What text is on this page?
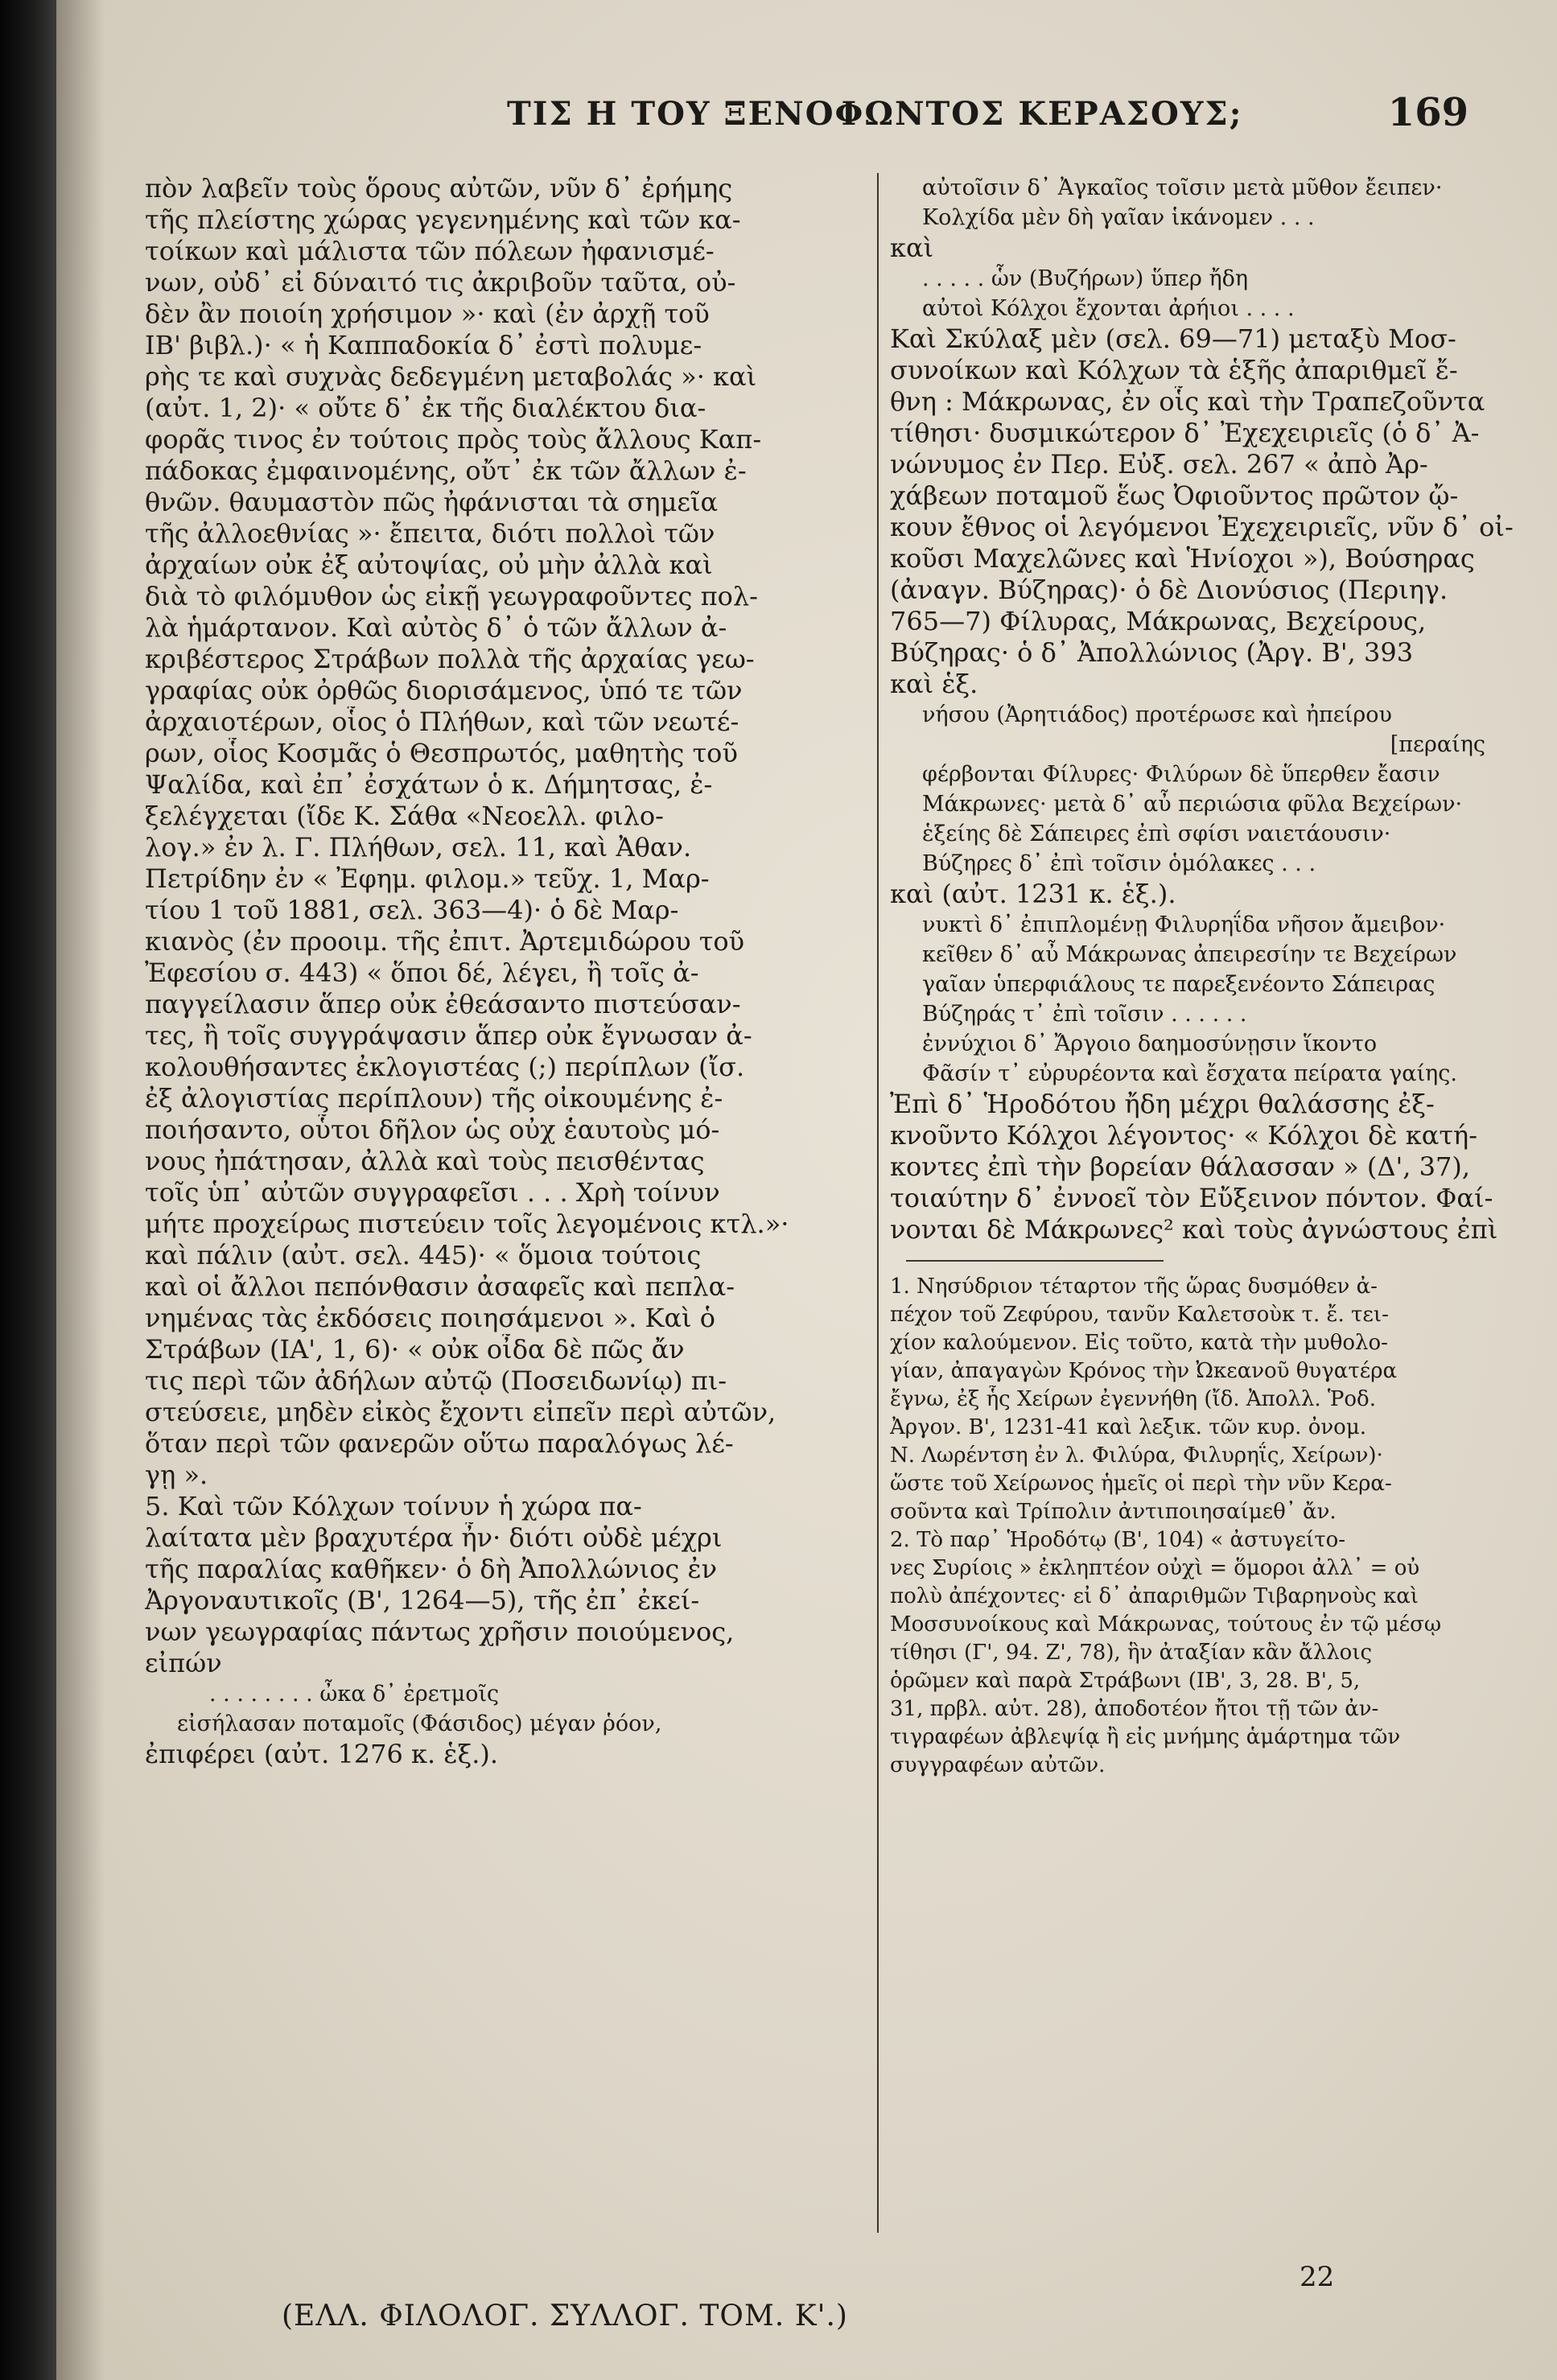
ΤΙΣ Η ΤΟΥ ΞΕΝΟΦΩΝΤΟΣ ΚΕΡΑΣΟΥΣ;	169
πὸν λαβεῖν τοὺς ὅρους αὐτῶν, νῦν δ᾽ ἐρήμης
τῆς πλείστης χώρας γεγενημένης καὶ τῶν κα-
τοίκων καὶ μάλιστα τῶν πόλεων ἠφανισμέ-
νων, οὐδ᾽ εἰ δύναιτό τις ἀκριβοῦν ταῦτα, οὐ-
δὲν ἂν ποιοίη χρήσιμον »· καὶ (ἐν ἀρχῇ τοῦ
ΙΒ' βιβλ.)· « ἡ Καππαδοκία δ᾽ ἐστὶ πολυμε-
ρὴς τε καὶ συχνὰς δεδεγμένη μεταβολάς »· καὶ
(αὐτ. 1, 2)· « οὔτε δ᾽ ἐκ τῆς διαλέκτου δια-
φορᾶς τινος ἐν τούτοις πρὸς τοὺς ἄλλους Καπ-
πάδοκας ἐμφαινομένης, οὔτ᾽ ἐκ τῶν ἄλλων ἐ-
θνῶν. θαυμαστὸν πῶς ἠφάνισται τὰ σημεῖα
τῆς ἀλλοεθνίας »· ἔπειτα, διότι πολλοὶ τῶν
ἀρχαίων οὐκ ἐξ αὐτοψίας, οὐ μὴν ἀλλὰ καὶ
διὰ τὸ φιλόμυθον ὡς εἰκῇ γεωγραφοῦντες πολ-
λὰ ἡμάρτανον. Καὶ αὐτὸς δ᾽ ὁ τῶν ἄλλων ἀ-
κριβέστερος Στράβων πολλὰ τῆς ἀρχαίας γεω-
γραφίας οὐκ ὀρθῶς διορισάμενος, ὑπό τε τῶν
ἀρχαιοτέρων, οἷος ὁ Πλήθων, καὶ τῶν νεωτέ-
ρων, οἷος Κοσμᾶς ὁ Θεσπρωτός, μαθητὴς τοῦ
Ψαλίδα, καὶ ἐπ᾽ ἐσχάτων ὁ κ. Δήμητσας, ἐ-
ξελέγχεται (ἴδε Κ. Σάθα «Νεοελλ. φιλο-
λογ.» ἐν λ. Γ. Πλήθων, σελ. 11, καὶ Ἀθαν.
Πετρίδην ἐν « Ἐφημ. φιλομ.» τεῦχ. 1, Μαρ-
τίου 1 τοῦ 1881, σελ. 363—4)· ὁ δὲ Μαρ-
κιανὸς (ἐν προοιμ. τῆς ἐπιτ. Ἀρτεμιδώρου τοῦ
Ἐφεσίου σ. 443) « ὅποι δέ, λέγει, ἢ τοῖς ἀ-
παγγείλασιν ἅπερ οὐκ ἐθεάσαντο πιστεύσαν-
τες, ἢ τοῖς συγγράψασιν ἅπερ οὐκ ἔγνωσαν ἀ-
κολουθήσαντες ἐκλογιστέας (;) περίπλων (ἴσ.
ἐξ ἀλογιστίας περίπλουν) τῆς οἰκουμένης ἐ-
ποιήσαντο, οὗτοι δῆλον ὡς οὐχ ἑαυτοὺς μό-
νους ἠπάτησαν, ἀλλὰ καὶ τοὺς πεισθέντας
τοῖς ὑπ᾽ αὐτῶν συγγραφεῖσι . . . Χρὴ τοίνυν
μήτε προχείρως πιστεύειν τοῖς λεγομένοις κτλ.»·
καὶ πάλιν (αὐτ. σελ. 445)· « ὅμοια τούτοις
καὶ οἱ ἄλλοι πεπόνθασιν ἀσαφεῖς καὶ πεπλα-
νημένας τὰς ἐκδόσεις ποιησάμενοι ». Καὶ ὁ
Στράβων (ΙΑ', 1, 6)· « οὐκ οἶδα δὲ πῶς ἄν
τις περὶ τῶν ἀδήλων αὐτῷ (Ποσειδωνίῳ) πι-
στεύσειε, μηδὲν εἰκὸς ἔχοντι εἰπεῖν περὶ αὐτῶν,
ὅταν περὶ τῶν φανερῶν οὕτω παραλόγως λέ-
γῃ ».
5. Καὶ τῶν Κόλχων τοίνυν ἡ χώρα πα-
λαίτατα μὲν βραχυτέρα ἦν· διότι οὐδὲ μέχρι
τῆς παραλίας καθῆκεν· ὁ δὴ Ἀπολλώνιος ἐν
Ἀργοναυτικοῖς (Β', 1264—5), τῆς ἐπ᾽ ἐκεί-
νων γεωγραφίας πάντως χρῆσιν ποιούμενος,
εἰπών
. . . . . . . . ὦκα δ᾽ ἐρετμοῖς
εἰσήλασαν ποταμοῖς (Φάσιδος) μέγαν ῥόον,
ἐπιφέρει (αὐτ. 1276 κ. ἑξ.).
αὐτοῖσιν δ᾽ Ἀγκαῖος τοῖσιν μετὰ μῦθον ἔειπεν·
Κολχίδα μὲν δὴ γαῖαν ἱκάνομεν . . .
καὶ
. . . . . ὧν (Βυζήρων) ὕπερ ἤδη
αὐτοὶ Κόλχοι ἔχονται ἀρήιοι . . . .
Καὶ Σκύλαξ μὲν (σελ. 69—71) μεταξὺ Μοσ-
συνοίκων καὶ Κόλχων τὰ ἑξῆς ἀπαριθμεῖ ἔ-
θνη : Μάκρωνας, ἐν οἷς καὶ τὴν Τραπεζοῦντα
τίθησι· δυσμικώτερον δ᾽ Ἐχεχειριεῖς (ὁ δ᾽ Ἀ-
νώνυμος ἐν Περ. Εὐξ. σελ. 267 « ἀπὸ Ἀρ-
χάβεων ποταμοῦ ἕως Ὀφιοῦντος πρῶτον ᾤ-
κουν ἔθνος οἱ λεγόμενοι Ἐχεχειριεῖς, νῦν δ᾽ οἰ-
κοῦσι Μαχελῶνες καὶ Ἡνίοχοι »), Βούσηρας
(ἀναγν. Βύζηρας)· ὁ δὲ Διονύσιος (Περιηγ.
765—7) Φίλυρας, Μάκρωνας, Βεχείρους,
Βύζηρας· ὁ δ᾽ Ἀπολλώνιος (Ἀργ. Β', 393
καὶ ἑξ.
νήσου (Ἀρητιάδος) προτέρωσε καὶ ἠπείρου
[περαίης
φέρβονται Φίλυρες· Φιλύρων δὲ ὕπερθεν ἔασιν
Μάκρωνες· μετὰ δ᾽ αὖ περιώσια φῦλα Βεχείρων·
ἑξείης δὲ Σάπειρες ἐπὶ σφίσι ναιετάουσιν·
Βύζηρες δ᾽ ἐπὶ τοῖσιν ὁμόλακες . . .
καὶ (αὐτ. 1231 κ. ἑξ.).
νυκτὶ δ᾽ ἐπιπλομένῃ Φιλυρηΐδα νῆσον ἄμειβον·
κεῖθεν δ᾽ αὖ Μάκρωνας ἀπειρεσίην τε Βεχείρων
γαῖαν ὑπερφιάλους τε παρεξενέοντο Σάπειρας
Βύζηράς τ᾽ ἐπὶ τοῖσιν . . . . . .
ἐννύχιοι δ᾽ Ἄργοιο δαημοσύνῃσιν ἵκοντο
Φᾶσίν τ᾽ εὐρυρέοντα καὶ ἔσχατα πείρατα γαίης.
Ἐπὶ δ᾽ Ἡροδότου ἤδη μέχρι θαλάσσης ἐξ-
κνοῦντο Κόλχοι λέγοντος· « Κόλχοι δὲ κατή-
κοντες ἐπὶ τὴν βορείαν θάλασσαν » (Δ', 37),
τοιαύτην δ᾽ ἐννοεῖ τὸν Εὔξεινον πόντον. Φαί-
νονται δὲ Μάκρωνες² καὶ τοὺς ἀγνώστους ἐπὶ
1. Νησύδριον τέταρτον τῆς ὥρας δυσμόθεν ἀ-
πέχον τοῦ Ζεφύρου, τανῦν Καλετσοὺκ τ. ἔ. τει-
χίον καλούμενον. Εἰς τοῦτο, κατὰ τὴν μυθολο-
γίαν, ἀπαγαγὼν Κρόνος τὴν Ὠκεανοῦ θυγατέρα
ἔγνω, ἐξ ἧς Χείρων ἐγεννήθη (ἴδ. Ἀπολλ. Ῥοδ.
Ἀργον. Β', 1231-41 καὶ λεξικ. τῶν κυρ. ὀνομ.
Ν. Λωρέντση ἐν λ. Φιλύρα, Φιλυρηΐς, Χείρων)·
ὥστε τοῦ Χείρωνος ἡμεῖς οἱ περὶ τὴν νῦν Κερα-
σοῦντα καὶ Τρίπολιν ἀντιποιησαίμεθ᾽ ἄν.
2. Τὸ παρ᾽ Ἡροδότῳ (Β', 104) « ἀστυγείτο-
νες Συρίοις » ἐκληπτέον οὐχὶ = ὅμοροι ἀλλ᾽ = οὐ
πολὺ ἀπέχοντες· εἰ δ᾽ ἀπαριθμῶν Τιβαρηνοὺς καὶ
Μοσσυνοίκους καὶ Μάκρωνας, τούτους ἐν τῷ μέσῳ
τίθησι (Γ', 94. Ζ', 78), ἣν ἀταξίαν κἂν ἄλλοις
ὁρῶμεν καὶ παρὰ Στράβωνι (ΙΒ', 3, 28. Β', 5,
31, πρβλ. αὐτ. 28), ἀποδοτέον ἤτοι τῇ τῶν ἀν-
τιγραφέων ἀβλεψίᾳ ἢ εἰς μνήμης ἁμάρτημα τῶν
συγγραφέων αὐτῶν.
22
(ΕΛΛ. ΦΙΛΟΛΟΓ. ΣΥΛΛΟΓ. ΤΟΜ. Κ'.)
